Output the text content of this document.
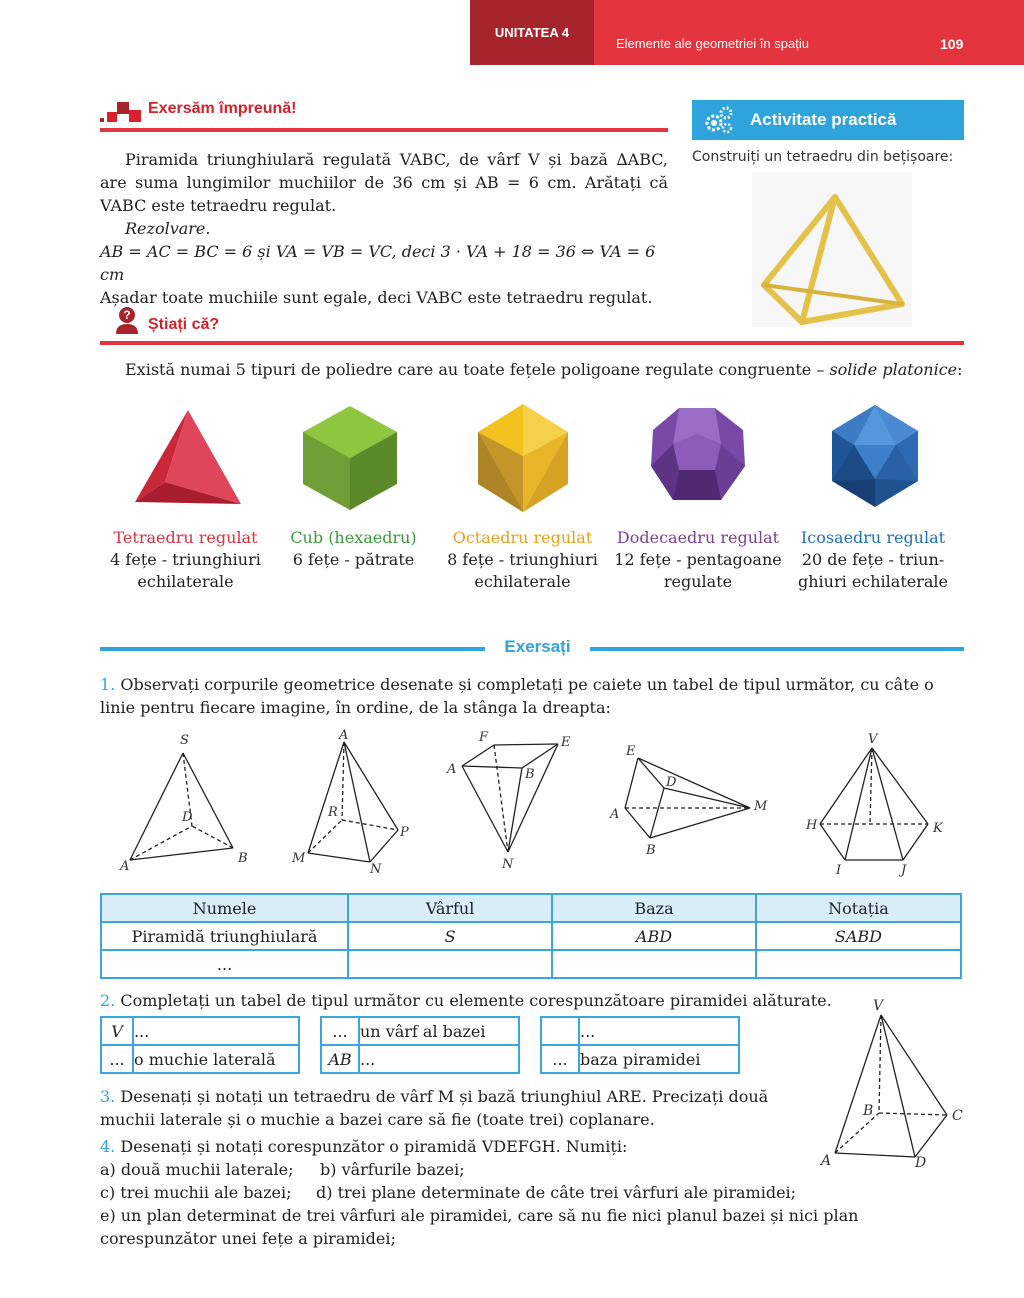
UNITATEA 4
Elemente ale geometriei în spațiu	109
Exersăm împreună!

Piramida triunghiulară regulată VABC, de vârf V și bază ∆ABC, are suma lungimilor muchiilor de 36 cm și AB = 6 cm. Arătați că VABC este tetraedru regulat.

Rezolvare.

AB = AC = BC = 6 și VA = VB = VC, deci 3 · VA + 18 = 36 ⇔ VA = 6 cm

Așadar toate muchiile sunt egale, deci VABC este tetraedru regulat.

Activitate practică
Construiți un tetraedru din bețișoare:
?
Știați că?
Există numai 5 tipuri de poliedre care au toate fețele poligoane regulate congruente – solide platonice:
Tetraedru regulat
4 fețe - triunghiuri
echilaterale
Cub (hexaedru)
6 fețe - pătrate
Octaedru regulat
8 fețe - triunghiuri
echilaterale
Dodecaedru regulat
12 fețe - pentagoane
regulate
Icosaedru regulat
20 de fețe - triun-
ghiuri echilaterale
Exersați
1. Observați corpurile geometrice desenate și completați pe caiete un tabel de tipul următor, cu câte o linie pentru fiecare imagine, în ordine, de la stânga la dreapta:
S
D
A
B
A
R
P
M
N
F	E
A	B
N
E
D
M
A
B
V
H	K
I	J
Numele	Vârful	Baza	Notația
Piramidă triunghiulară	S	ABD	SABD
...			
2. Completați un tabel de tipul următor cu elemente corespunzătoare piramidei alăturate.
V	...
...	o muchie laterală
...	un vârf al bazei
AB	...
	...
...	baza piramidei
V
B	C
A	D
3. Desenați și notați un tetraedru de vârf M și bază triunghiul ARE. Precizați două muchii laterale și o muchie a bazei care să fie (toate trei) coplanare.
4. Desenați și notați corespunzător o piramidă VDEFGH. Numiți:
a) două muchii laterale; b) vârfurile bazei;
c) trei muchii ale bazei; d) trei plane determinate de câte trei vârfuri ale piramidei;
e) un plan determinat de trei vârfuri ale piramidei, care să nu fie nici planul bazei și nici plan corespunzător unei fețe a piramidei;
